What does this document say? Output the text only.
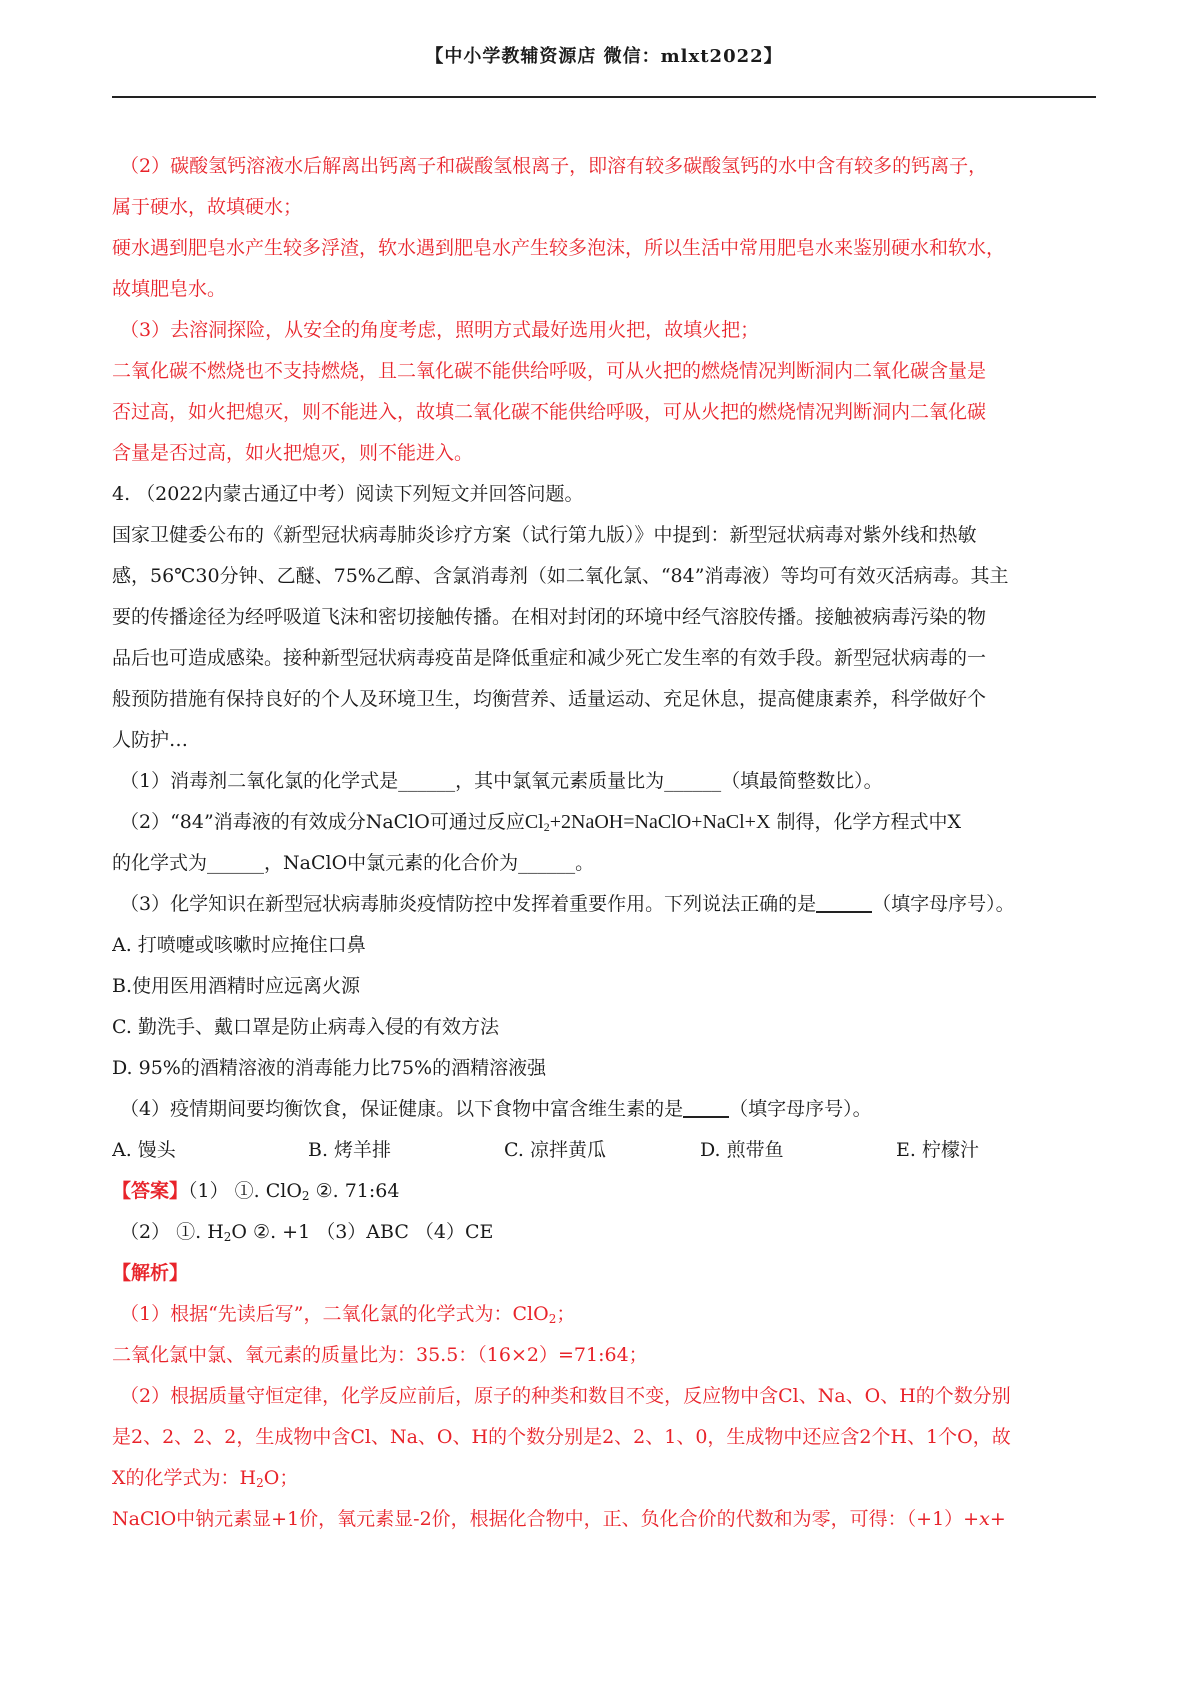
【中小学教辅资源店 微信：mlxt2022】
（2）碳酸氢钙溶液水后解离出钙离子和碳酸氢根离子，即溶有较多碳酸氢钙的水中含有较多的钙离子，
属于硬水，故填硬水；
硬水遇到肥皂水产生较多浮渣，软水遇到肥皂水产生较多泡沫，所以生活中常用肥皂水来鉴别硬水和软水，
故填肥皂水。
（3）去溶洞探险，从安全的角度考虑，照明方式最好选用火把，故填火把；
二氧化碳不燃烧也不支持燃烧，且二氧化碳不能供给呼吸，可从火把的燃烧情况判断洞内二氧化碳含量是
否过高，如火把熄灭，则不能进入，故填二氧化碳不能供给呼吸，可从火把的燃烧情况判断洞内二氧化碳
含量是否过高，如火把熄灭，则不能进入。
4. （2022内蒙古通辽中考）阅读下列短文并回答问题。
国家卫健委公布的《新型冠状病毒肺炎诊疗方案（试行第九版）》中提到：新型冠状病毒对紫外线和热敏
感，56℃30分钟、乙醚、75%乙醇、含氯消毒剂（如二氧化氯、“84”消毒液）等均可有效灭活病毒。其主
要的传播途径为经呼吸道飞沫和密切接触传播。在相对封闭的环境中经气溶胶传播。接触被病毒污染的物
品后也可造成感染。接种新型冠状病毒疫苗是降低重症和减少死亡发生率的有效手段。新型冠状病毒的一
般预防措施有保持良好的个人及环境卫生，均衡营养、适量运动、充足休息，提高健康素养，科学做好个
人防护…
（1）消毒剂二氧化氯的化学式是______，其中氯氧元素质量比为______（填最简整数比）。
（2）“84”消毒液的有效成分NaClO可通过反应$Cl_2+2NaOH=NaClO+NaCl+X$ 制得，化学方程式中X
的化学式为______，NaClO中氯元素的化合价为______。
（3）化学知识在新型冠状病毒肺炎疫情防控中发挥着重要作用。下列说法正确的是	（填字母序号）。
A. 打喷嚏或咳嗽时应掩住口鼻
B.使用医用酒精时应远离火源
C. 勤洗手、戴口罩是防止病毒入侵的有效方法
D. 95%的酒精溶液的消毒能力比75%的酒精溶液强
（4）疫情期间要均衡饮食，保证健康。以下食物中富含维生素的是 （填字母序号）。
A. 馒头	B. 烤羊排	C. 凉拌黄瓜	D. 煎带鱼	E. 柠檬汁
【答案】（1） ①. ClO$_2$ ②. 71:64
（2） ①. $H_2O$ ②. +1 （3）ABC （4）CE
【解析】
（1）根据“先读后写”，二氧化氯的化学式为：ClO$_2$；
二氧化氯中氯、氧元素的质量比为：35.5：（16×2）=71:64；
（2）根据质量守恒定律，化学反应前后，原子的种类和数目不变，反应物中含Cl、Na、O、H的个数分别
是2、2、2、2，生成物中含Cl、Na、O、H的个数分别是2、2、1、0，生成物中还应含2个H、1个O，故
X的化学式为：$H_2O$；
NaClO中钠元素显+1价，氧元素显-2价，根据化合物中，正、负化合价的代数和为零，可得：（+1）+x+
